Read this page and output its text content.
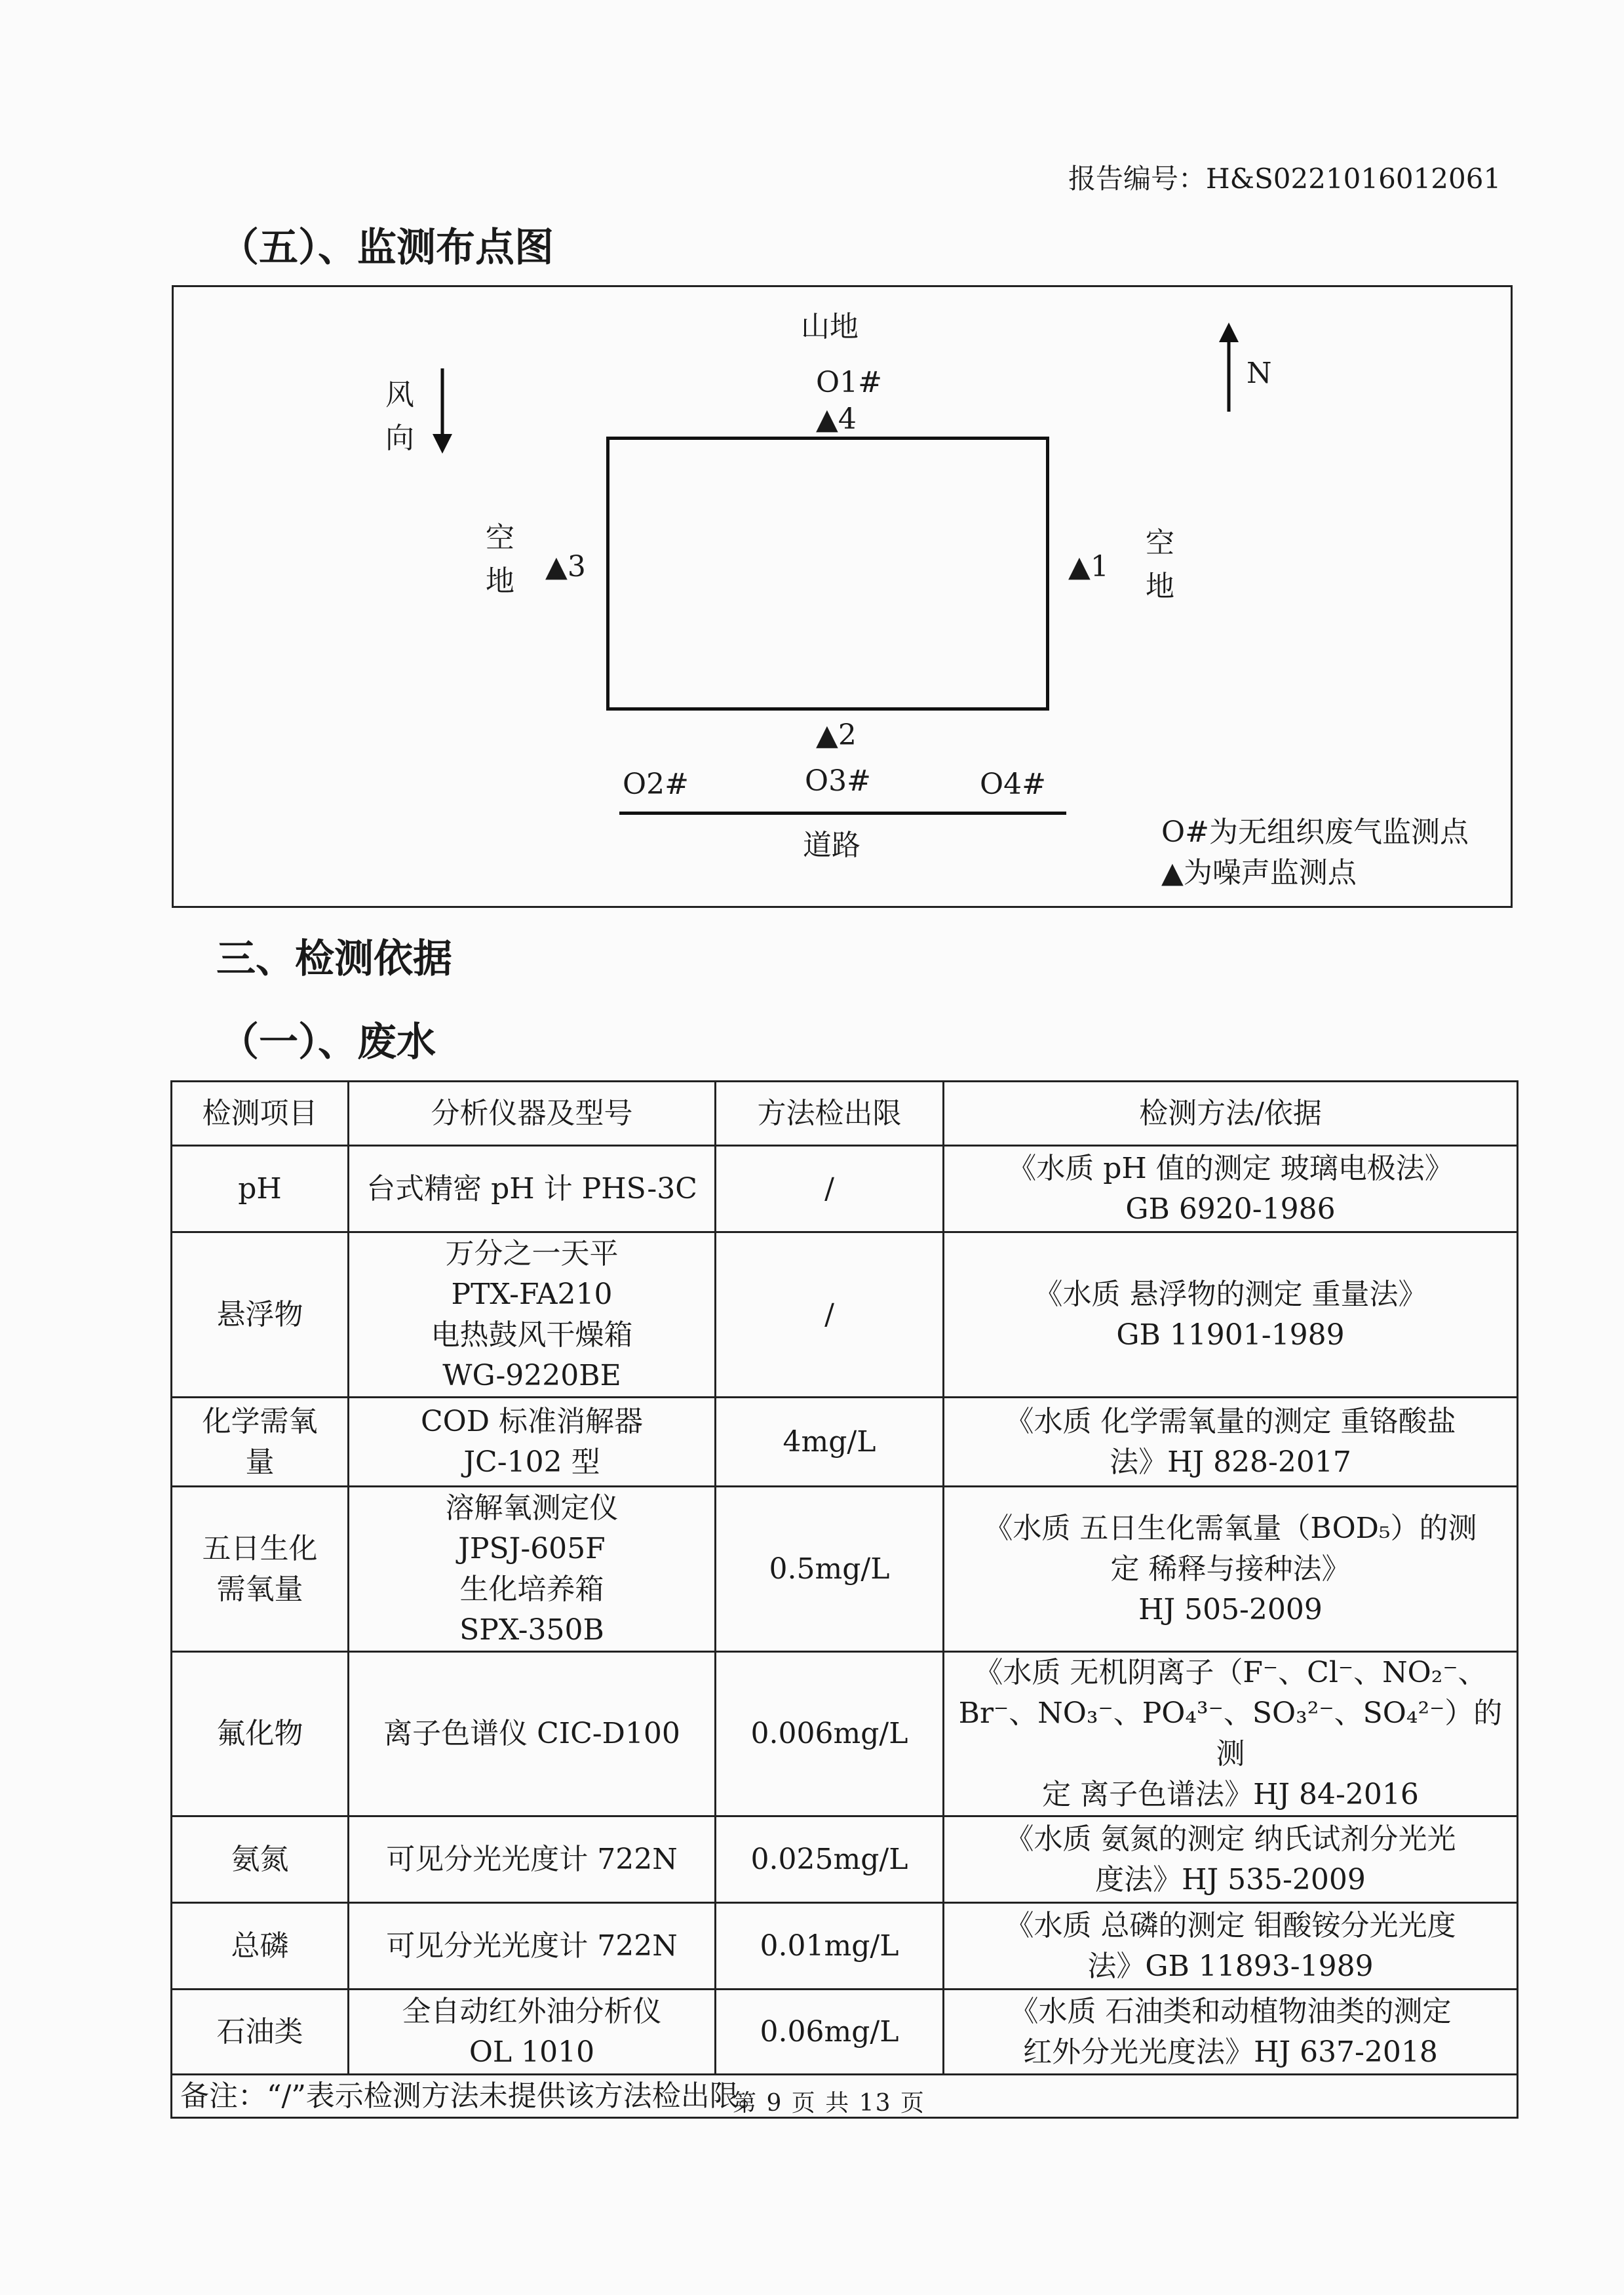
报告编号：H&S0221016012061
（五）、监测布点图
山地
风
向
N
O1#
▲4
空
地 ▲3	▲1
空
地
▲2
O2#	O3#	O4#
道路	O#为无组织废气监测点
▲为噪声监测点
三、检测依据
（一）、废水
检测项目	分析仪器及型号	方法检出限	检测方法/依据

pH	台式精密 pH 计 PHS-3C	/	《水质 pH 值的测定 玻璃电极法》
GB 6920-1986

悬浮物	万分之一天平
PTX-FA210
电热鼓风干燥箱
WG-9220BE	/	《水质 悬浮物的测定 重量法》
GB 11901-1989

化学需氧
量	COD 标准消解器
JC-102 型	4mg/L	《水质 化学需氧量的测定 重铬酸盐
法》HJ 828-2017

五日生化
需氧量	溶解氧测定仪
JPSJ-605F
生化培养箱
SPX-350B	0.5mg/L	《水质 五日生化需氧量（BOD₅）的测
定 稀释与接种法》
HJ 505-2009

氟化物	离子色谱仪 CIC-D100	0.006mg/L	《水质 无机阴离子（F⁻、Cl⁻、NO₂⁻、
Br⁻、NO₃⁻、PO₄³⁻、SO₃²⁻、SO₄²⁻）的测
定 离子色谱法》HJ 84-2016

氨氮	可见分光光度计 722N	0.025mg/L	《水质 氨氮的测定 纳氏试剂分光光
度法》HJ 535-2009

总磷	可见分光光度计 722N	0.01mg/L	《水质 总磷的测定 钼酸铵分光光度
法》GB 11893-1989

石油类	全自动红外油分析仪
OL 1010	0.06mg/L	《水质 石油类和动植物油类的测定
红外分光光度法》HJ 637-2018

备注：“/”表示检测方法未提供该方法检出限。			
第 9 页 共 13 页
